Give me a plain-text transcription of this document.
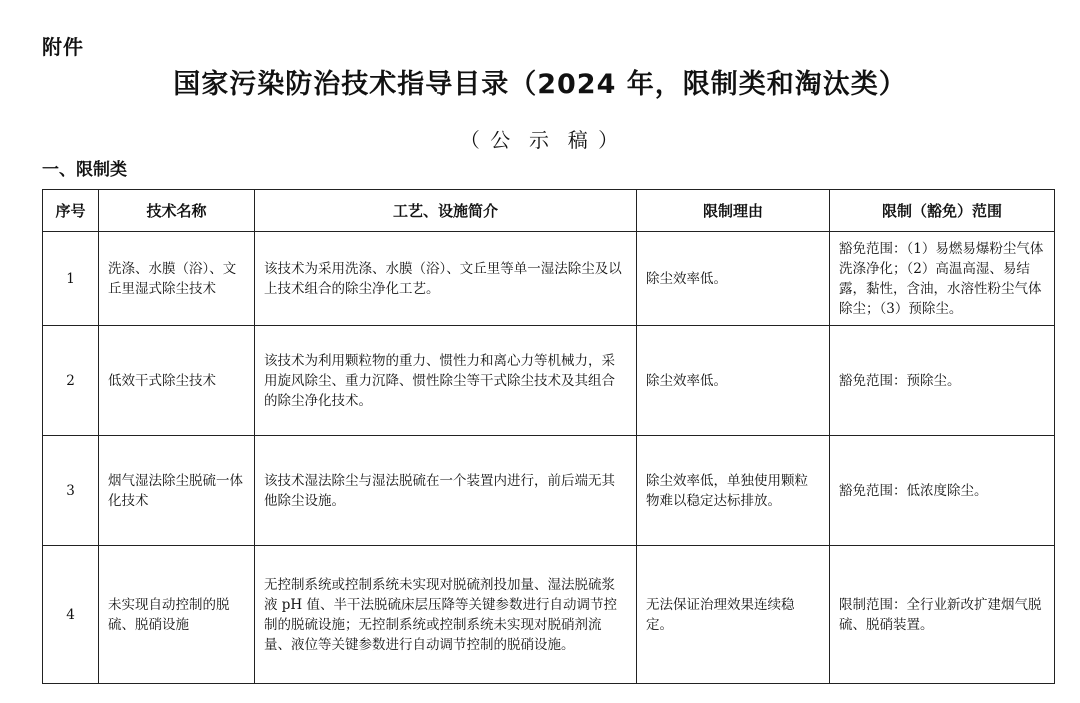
附件
国家污染防治技术指导目录（2024 年，限制类和淘汰类）
（ 公  示  稿 ）
一、限制类
序号	技术名称	工艺、设施简介	限制理由	限制（豁免）范围
1	洗涤、水膜（浴）、文丘里湿式除尘技术	该技术为采用洗涤、水膜（浴）、文丘里等单一湿法除尘及以上技术组合的除尘净化工艺。	除尘效率低。	豁免范围：（1）易燃易爆粉尘气体洗涤净化；（2）高温高湿、易结露，黏性，含油，水溶性粉尘气体除尘；（3）预除尘。
2	低效干式除尘技术	该技术为利用颗粒物的重力、惯性力和离心力等机械力，采用旋风除尘、重力沉降、惯性除尘等干式除尘技术及其组合的除尘净化技术。	除尘效率低。	豁免范围：预除尘。
3	烟气湿法除尘脱硫一体化技术	该技术湿法除尘与湿法脱硫在一个装置内进行，前后端无其他除尘设施。	除尘效率低，单独使用颗粒物难以稳定达标排放。	豁免范围：低浓度除尘。
4	未实现自动控制的脱硫、脱硝设施	无控制系统或控制系统未实现对脱硫剂投加量、湿法脱硫浆液 pH 值、半干法脱硫床层压降等关键参数进行自动调节控制的脱硫设施；无控制系统或控制系统未实现对脱硝剂流量、液位等关键参数进行自动调节控制的脱硝设施。	无法保证治理效果连续稳定。	限制范围：全行业新改扩建烟气脱硫、脱硝装置。
